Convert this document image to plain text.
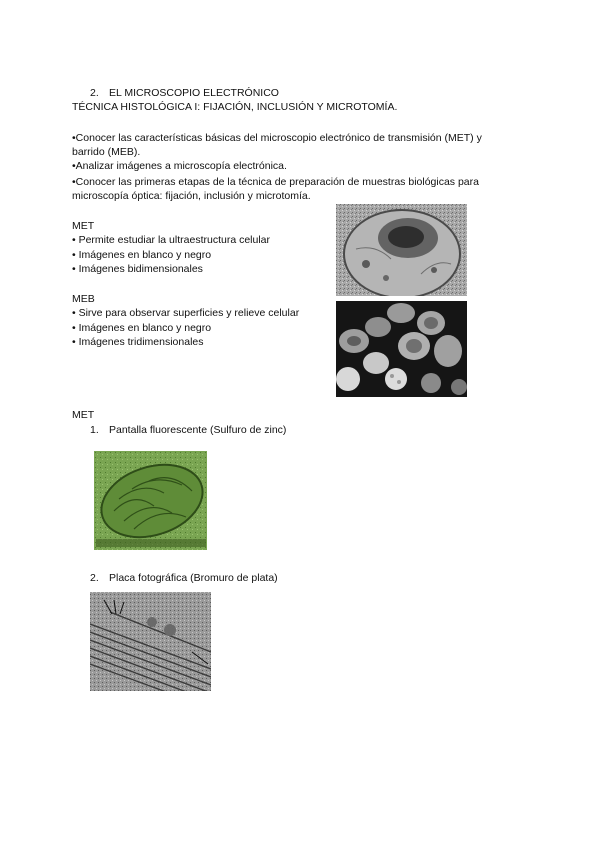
2. EL MICROSCOPIO ELECTRÓNICO
TÉCNICA HISTOLÓGICA I: FIJACIÓN, INCLUSIÓN Y MICROTOMÍA.
•Conocer las características básicas del microscopio electrónico de transmisión (MET) y
barrido (MEB).
•Analizar imágenes a microscopía electrónica.
•Conocer las primeras etapas de la técnica de preparación de muestras biológicas para
microscopía óptica: fijación, inclusión y microtomía.
MET
• Permite estudiar la ultraestructura celular
• Imágenes en blanco y negro
• Imágenes bidimensionales
MEB
• Sirve para observar superficies y relieve celular
• Imágenes en blanco y negro
• Imágenes tridimensionales
MET
1. Pantalla fluorescente (Sulfuro de zinc)
2. Placa fotográfica (Bromuro de plata)
